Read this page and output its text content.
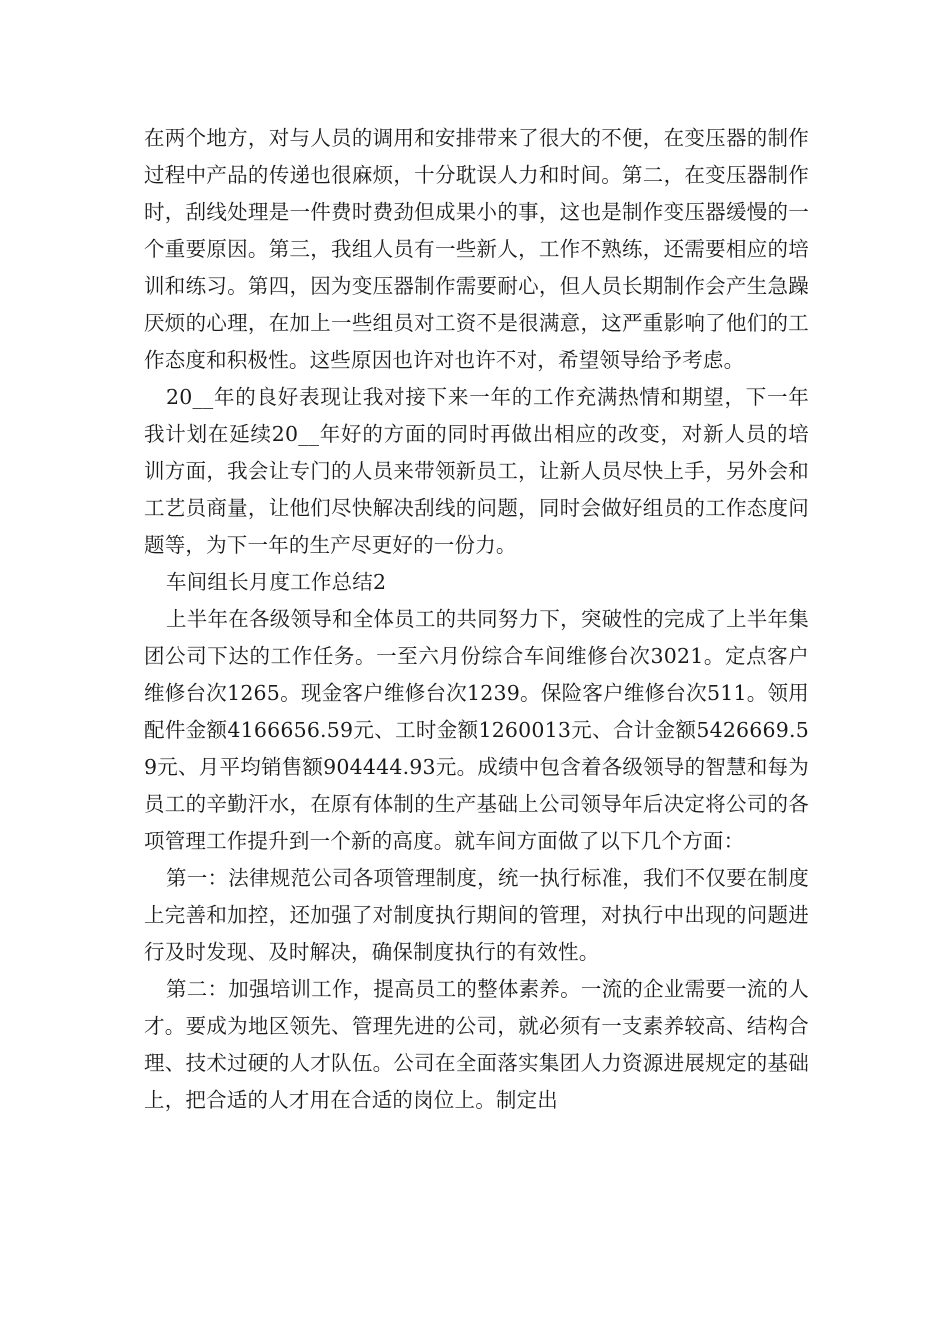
在两个地方，对与人员的调用和安排带来了很大的不便，在变压器的制作过程中产品的传递也很麻烦，十分耽误人力和时间。第二，在变压器制作时，刮线处理是一件费时费劲但成果小的事，这也是制作变压器缓慢的一个重要原因。第三，我组人员有一些新人，工作不熟练，还需要相应的培训和练习。第四，因为变压器制作需要耐心，但人员长期制作会产生急躁厌烦的心理，在加上一些组员对工资不是很满意，这严重影响了他们的工作态度和积极性。这些原因也许对也许不对，希望领导给予考虑。

20__年的良好表现让我对接下来一年的工作充满热情和期望，下一年我计划在延续20__年好的方面的同时再做出相应的改变，对新人员的培训方面，我会让专门的人员来带领新员工，让新人员尽快上手，另外会和工艺员商量，让他们尽快解决刮线的问题，同时会做好组员的工作态度问题等，为下一年的生产尽更好的一份力。

车间组长月度工作总结2

上半年在各级领导和全体员工的共同努力下，突破性的完成了上半年集团公司下达的工作任务。一至六月份综合车间维修台次3021。定点客户维修台次1265。现金客户维修台次1239。保险客户维修台次511。领用配件金额4166656.59元、工时金额1260013元、合计金额5426669.59元、月平均销售额904444.93元。成绩中包含着各级领导的智慧和每为员工的辛勤汗水，在原有体制的生产基础上公司领导年后决定将公司的各项管理工作提升到一个新的高度。就车间方面做了以下几个方面：

第一：法律规范公司各项管理制度，统一执行标准，我们不仅要在制度上完善和加控，还加强了对制度执行期间的管理，对执行中出现的问题进行及时发现、及时解决，确保制度执行的有效性。

第二：加强培训工作，提高员工的整体素养。一流的企业需要一流的人才。要成为地区领先、管理先进的公司，就必须有一支素养较高、结构合理、技术过硬的人才队伍。公司在全面落实集团人力资源进展规定的基础上，把合适的人才用在合适的岗位上。制定出
